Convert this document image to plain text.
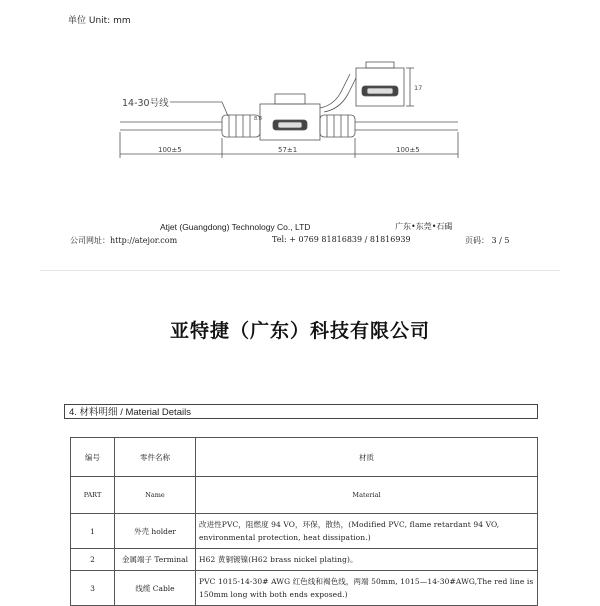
单位 Unit: mm
14-30号线
100±5	57±1	100±5
17
8.8
Atjet (Guangdong) Technology Co., LTD	广东•东莞•石碣
公司网址：http://atejor.com	Tel: + 0769 81816839 / 81816939	页码： 3 / 5
亚特捷（广东）科技有限公司
4. 材料明细 / Material Details
编号	零件名称	材质
PART	Name	Material
1	外壳 holder	改进性PVC，阻燃度 94 VO，环保，散热，(Modified PVC, flame retardant 94 VO, environmental protection, heat dissipation.)
2	金属端子 Terminal	H62 黄铜镀镍(H62 brass nickel plating)。
3	线缆 Cable	PVC 1015-14-30# AWG 红色线和褐色线，两端 50mm, 1015—14-30#AWG,The red line is 150mm long with both ends exposed.)
